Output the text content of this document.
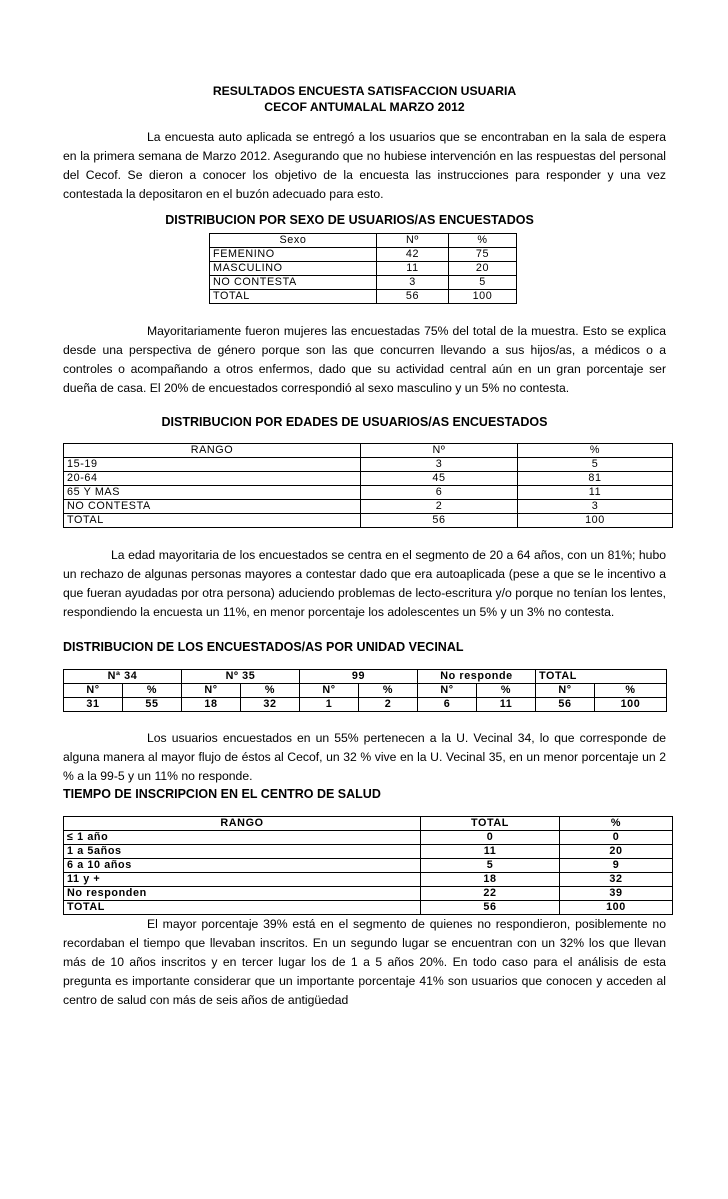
RESULTADOS ENCUESTA SATISFACCION USUARIA
CECOF ANTUMALAL MARZO 2012

La encuesta auto aplicada se entregó a los usuarios que se encontraban en la sala de espera en la primera semana de Marzo 2012. Asegurando que no hubiese intervención en las respuestas del personal del Cecof. Se dieron a conocer los objetivo de la encuesta las instrucciones para responder y una vez contestada la depositaron en el buzón adecuado para esto.

DISTRIBUCION POR SEXO DE USUARIOS/AS ENCUESTADOS
Sexo	Nº	%
FEMENINO	42	75
MASCULINO	11	20
NO CONTESTA	3	5
TOTAL	56	100

Mayoritariamente fueron mujeres las encuestadas 75% del total de la muestra. Esto se explica desde una perspectiva de género porque son las que concurren llevando a sus hijos/as, a médicos o a controles o acompañando a otros enfermos, dado que su actividad central aún en un gran porcentaje ser dueña de casa. El 20% de encuestados correspondió al sexo masculino y un 5% no contesta.

DISTRIBUCION POR EDADES DE USUARIOS/AS ENCUESTADOS
RANGO	Nº	%
15-19	3	5
20-64	45	81
65 Y MAS	6	11
NO CONTESTA	2	3
TOTAL	56	100

La edad mayoritaria de los encuestados se centra en el segmento de 20 a 64 años, con un 81%; hubo un rechazo de algunas personas mayores a contestar dado que era autoaplicada (pese a que se le incentivo a que fueran ayudadas por otra persona) aduciendo problemas de lecto-escritura y/o porque no tenían los lentes, respondiendo la encuesta un 11%, en menor porcentaje los adolescentes un 5% y un 3% no contesta.

DISTRIBUCION DE LOS ENCUESTADOS/AS POR UNIDAD VECINAL
Nª 34		Nº 35		99		No responde		TOTAL	
N°	%	N°	%	N°	%	N°	%	N°	%
31	55	18	32	1	2	6	11	56	100

Los usuarios encuestados en un 55% pertenecen a la U. Vecinal 34, lo que corresponde de alguna manera al mayor flujo de éstos al Cecof, un 32 % vive en la U. Vecinal 35, en un menor porcentaje un 2 % a la 99-5 y un 11% no responde.

TIEMPO DE INSCRIPCION EN EL CENTRO DE SALUD
RANGO	TOTAL	%
≤ 1 año	0	0
1 a 5años	11	20
6 a 10 años	5	9
11 y +	18	32
No responden	22	39
TOTAL	56	100

El mayor porcentaje 39% está en el segmento de quienes no respondieron, posiblemente no recordaban el tiempo que llevaban inscritos. En un segundo lugar se encuentran con un 32% los que llevan más de 10 años inscritos y en tercer lugar los de 1 a 5 años 20%. En todo caso para el análisis de esta pregunta es importante considerar que un importante porcentaje 41% son usuarios que conocen y acceden al centro de salud con más de seis años de antigüedad
